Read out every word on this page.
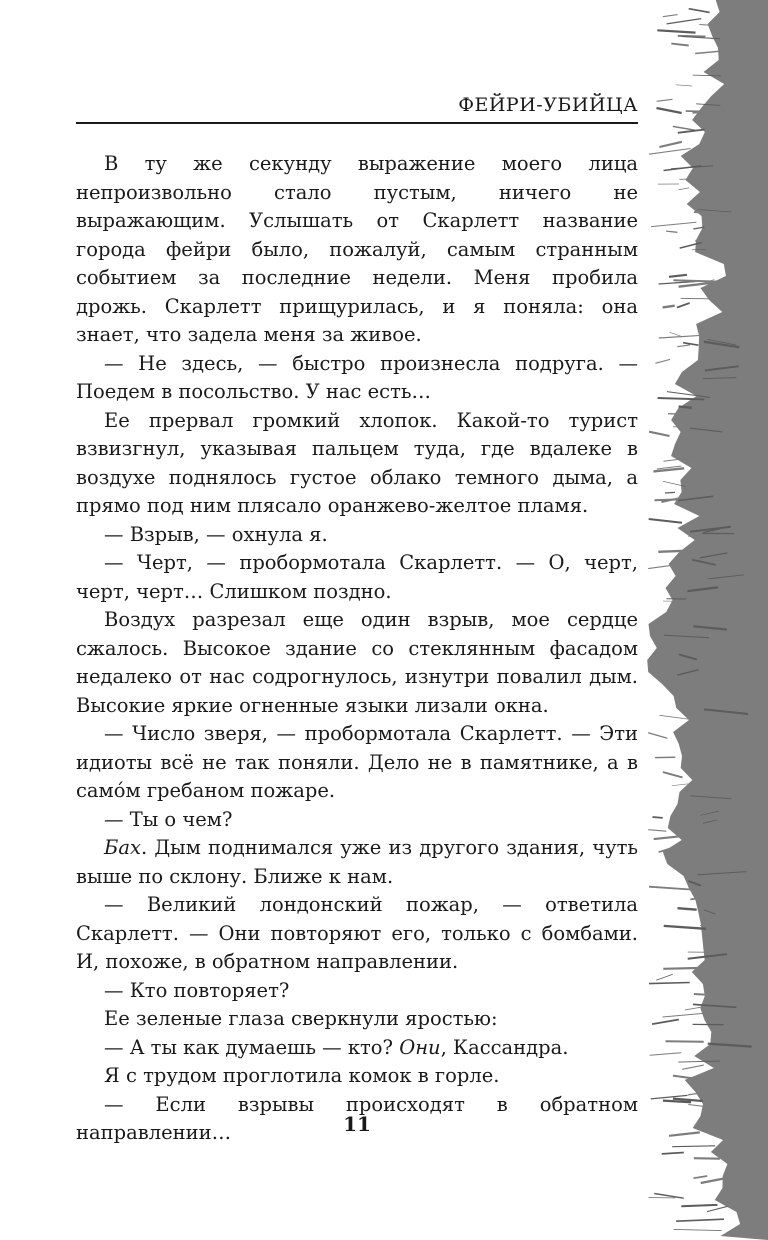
ФЕЙРИ-УБИЙЦА

В ту же секунду выражение моего лица непроизвольно стало пустым, ничего не выражающим. Услышать от Скарлетт название города фейри было, пожалуй, самым странным событием за последние недели. Меня пробила дрожь. Скарлетт прищурилась, и я поняла: она знает, что задела меня за живое.

— Не здесь, — быстро произнесла подруга. — Поедем в посольство. У нас есть…

Ее прервал громкий хлопок. Какой-то турист взвизгнул, указывая пальцем туда, где вдалеке в воздухе поднялось густое облако темного дыма, а прямо под ним плясало оранжево-желтое пламя.

— Взрыв, — охнула я.

— Черт, — пробормотала Скарлетт. — О, черт, черт, черт… Слишком поздно.

Воздух разрезал еще один взрыв, мое сердце сжалось. Высокое здание со стеклянным фасадом недалеко от нас содрогнулось, изнутри повалил дым. Высокие яркие огненные языки лизали окна.

— Число зверя, — пробормотала Скарлетт. — Эти идиоты всё не так поняли. Дело не в памятнике, а в само́м гребаном пожаре.

— Ты о чем?

Бах. Дым поднимался уже из другого здания, чуть выше по склону. Ближе к нам.

— Великий лондонский пожар, — ответила Скарлетт. — Они повторяют его, только с бомбами. И, похоже, в обратном направлении.

— Кто повторяет?

Ее зеленые глаза сверкнули яростью:

— А ты как думаешь — кто? Они, Кассандра.

Я с трудом проглотила комок в горле.

— Если взрывы происходят в обратном направлении…	11
